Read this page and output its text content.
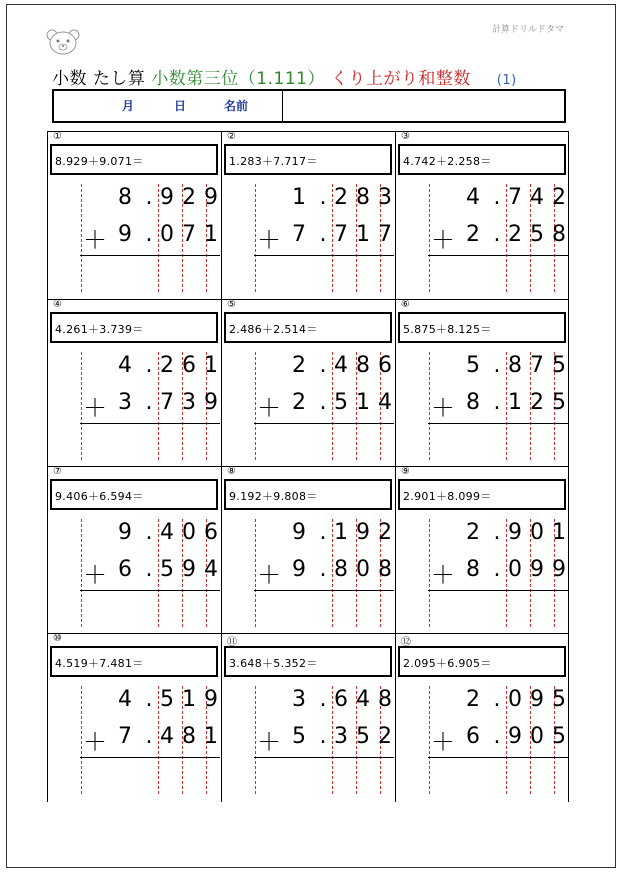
計算ドリルドタマ
小数 たし算 小数第三位（1.111） くり上がり和整数 (1)
月	日	名前
①
8.929＋9.071＝
8 . 9 2 9
9 . 0 7 1
＋
②
1.283＋7.717＝
1 . 2 8 3
7 . 7 1 7
＋
③
4.742＋2.258＝
4 . 7 4 2
2 . 2 5 8
＋
④
4.261＋3.739＝
4 . 2 6 1
3 . 7 3 9
＋
⑤
2.486＋2.514＝
2 . 4 8 6
2 . 5 1 4
＋
⑥
5.875＋8.125＝
5 . 8 7 5
8 . 1 2 5
＋
⑦
9.406＋6.594＝
9 . 4 0 6
6 . 5 9 4
＋
⑧
9.192＋9.808＝
9 . 1 9 2
9 . 8 0 8
＋
⑨
2.901＋8.099＝
2 . 9 0 1
8 . 0 9 9
＋
⑩
4.519＋7.481＝
4 . 5 1 9
7 . 4 8 1
＋
⑪
3.648＋5.352＝
3 . 6 4 8
5 . 3 5 2
＋
⑫
2.095＋6.905＝
2 . 0 9 5
6 . 9 0 5
＋
